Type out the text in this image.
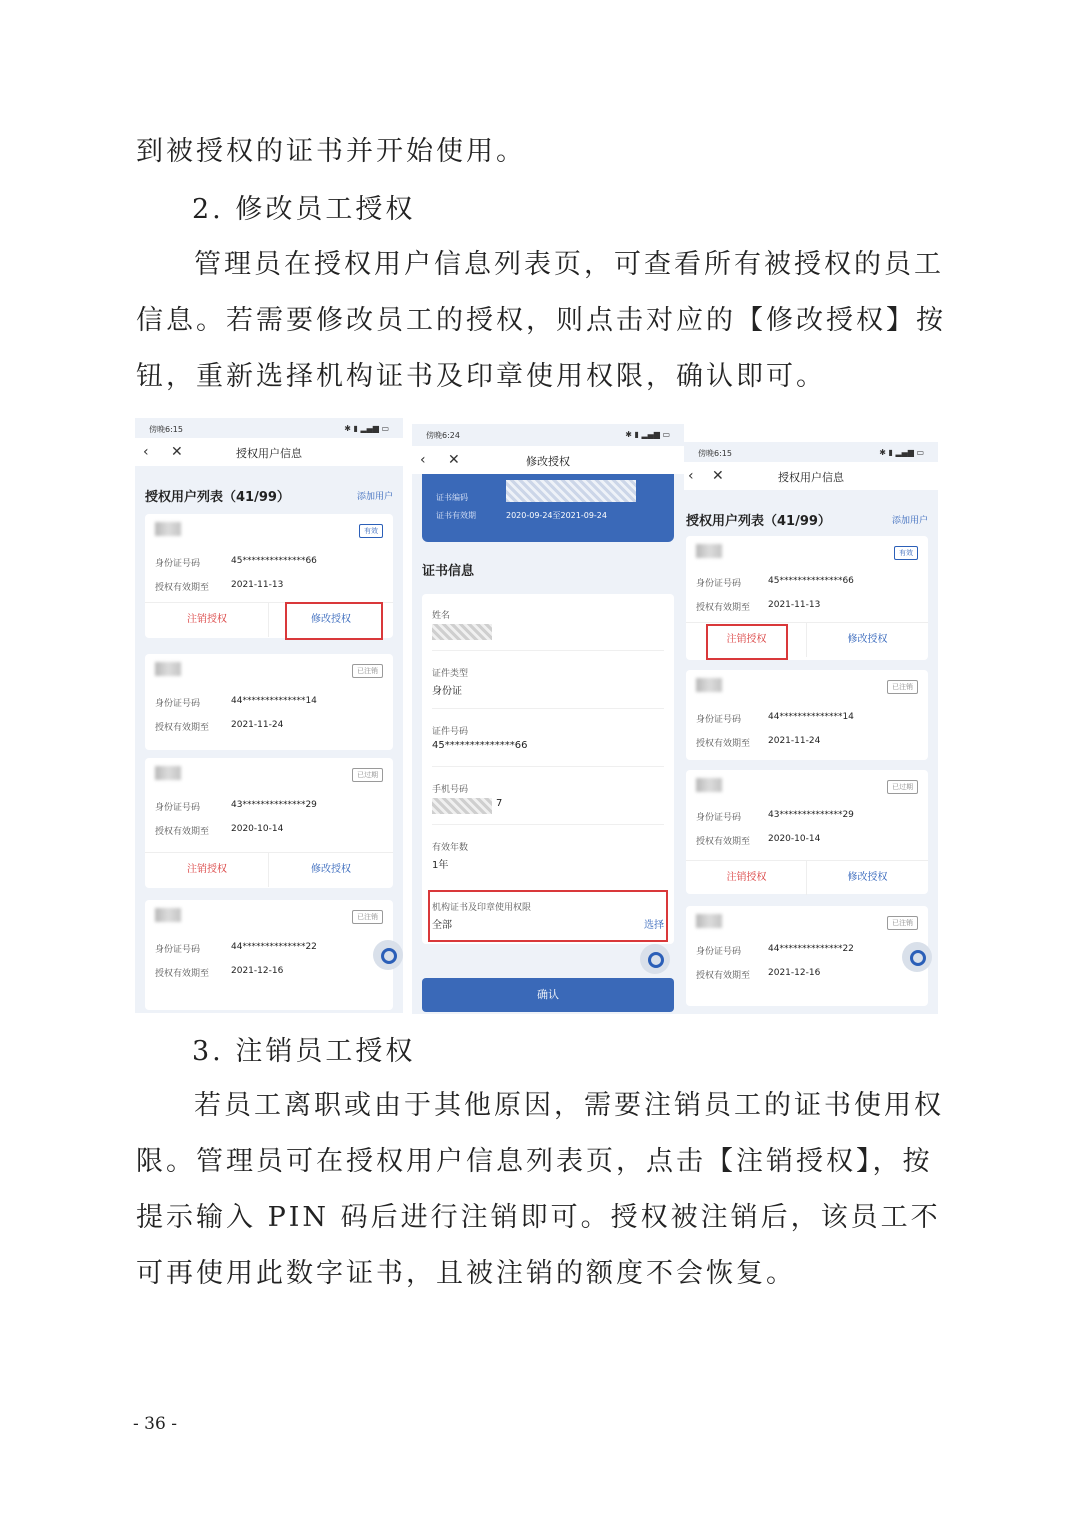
到被授权的证书并开始使用。

2. 修改员工授权

管理员在授权用户信息列表页，可查看所有被授权的员工信息。若需要修改员工的授权，则点击对应的【修改授权】按钮，重新选择机构证书及印章使用权限，确认即可。

傍晚6:15	✱ ▮ ▂▄▆ ▭
‹ ✕	授权用户信息
授权用户列表（41/99）	添加用户
有效
身份证号码	45**************66
授权有效期至 2021-11-13
注销授权	修改授权
已注销
身份证号码	44**************14
授权有效期至 2021-11-24
已过期
身份证号码	43**************29
授权有效期至 2020-10-14
注销授权	修改授权
已注销
身份证号码	44**************22
授权有效期至 2021-12-16
傍晚6:24	✱ ▮ ▂▄▆ ▭
‹ ✕	修改授权
证书编码
证书有效期	2020-09-24至2021-09-24
证书信息
姓名
证件类型
身份证
证件号码
45**************66
手机号码
7
有效年数
1年
机构证书及印章使用权限
全部	选择
确认
傍晚6:15	✱ ▮ ▂▄▆ ▭
‹ ✕	授权用户信息
授权用户列表（41/99）	添加用户
有效
身份证号码	45**************66
授权有效期至 2021-11-13
注销授权	修改授权
已注销
身份证号码	44**************14
授权有效期至 2021-11-24
已过期
身份证号码	43**************29
授权有效期至 2020-10-14
注销授权	修改授权
已注销
身份证号码	44**************22
授权有效期至 2021-12-16

3. 注销员工授权

若员工离职或由于其他原因，需要注销员工的证书使用权限。管理员可在授权用户信息列表页，点击【注销授权】，按提示输入 PIN 码后进行注销即可。授权被注销后，该员工不可再使用此数字证书，且被注销的额度不会恢复。

- 36 -
